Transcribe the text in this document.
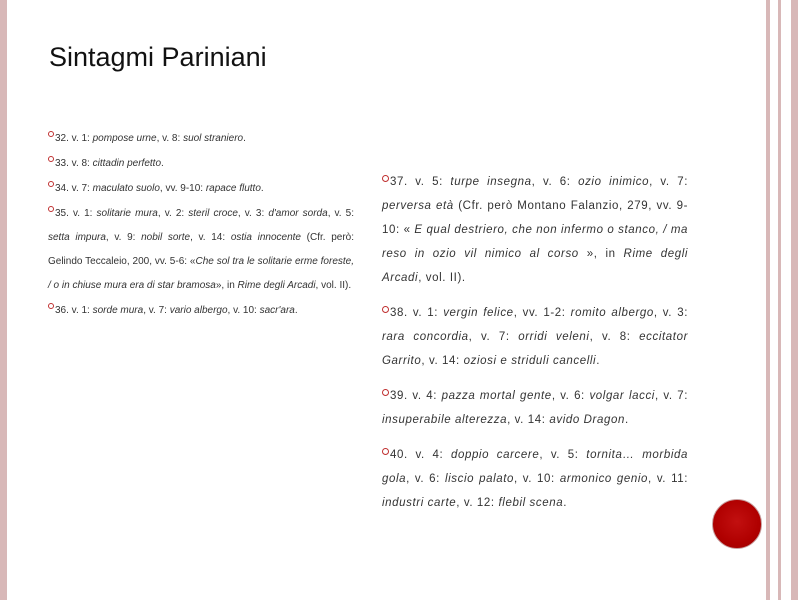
Sintagmi Pariniani
32. v. 1: pompose urne, v. 8: suol straniero.
33. v. 8: cittadin perfetto.
34. v. 7: maculato suolo, vv. 9-10: rapace flutto.
35. v. 1: solitarie mura, v. 2: steril croce, v. 3: d'amor sorda, v. 5: setta impura, v. 9: nobil sorte, v. 14: ostia innocente (Cfr. però: Gelindo Teccaleio, 200, vv. 5-6: «Che sol tra le solitarie erme foreste, / o in chiuse mura era di star bramosa», in Rime degli Arcadi, vol. II).
36. v. 1: sorde mura, v. 7: vario albergo, v. 10: sacr'ara.
37. v. 5: turpe insegna, v. 6: ozio inimico, v. 7: perversa età (Cfr. però Montano Falanzio, 279, vv. 9-10: « E qual destriero, che non infermo o stanco, / ma reso in ozio vil nimico al corso », in Rime degli Arcadi, vol. II).
38. v. 1: vergin felice, vv. 1-2: romito albergo, v. 3: rara concordia, v. 7: orridi veleni, v. 8: eccitator Garrito, v. 14: oziosi e striduli cancelli.
39. v. 4: pazza mortal gente, v. 6: volgar lacci, v. 7: insuperabile alterezza, v. 14: avido Dragon.
40. v. 4: doppio carcere, v. 5: tornita… morbida gola, v. 6: liscio palato, v. 10: armonico genio, v. 11: industri carte, v. 12: flebil scena.
